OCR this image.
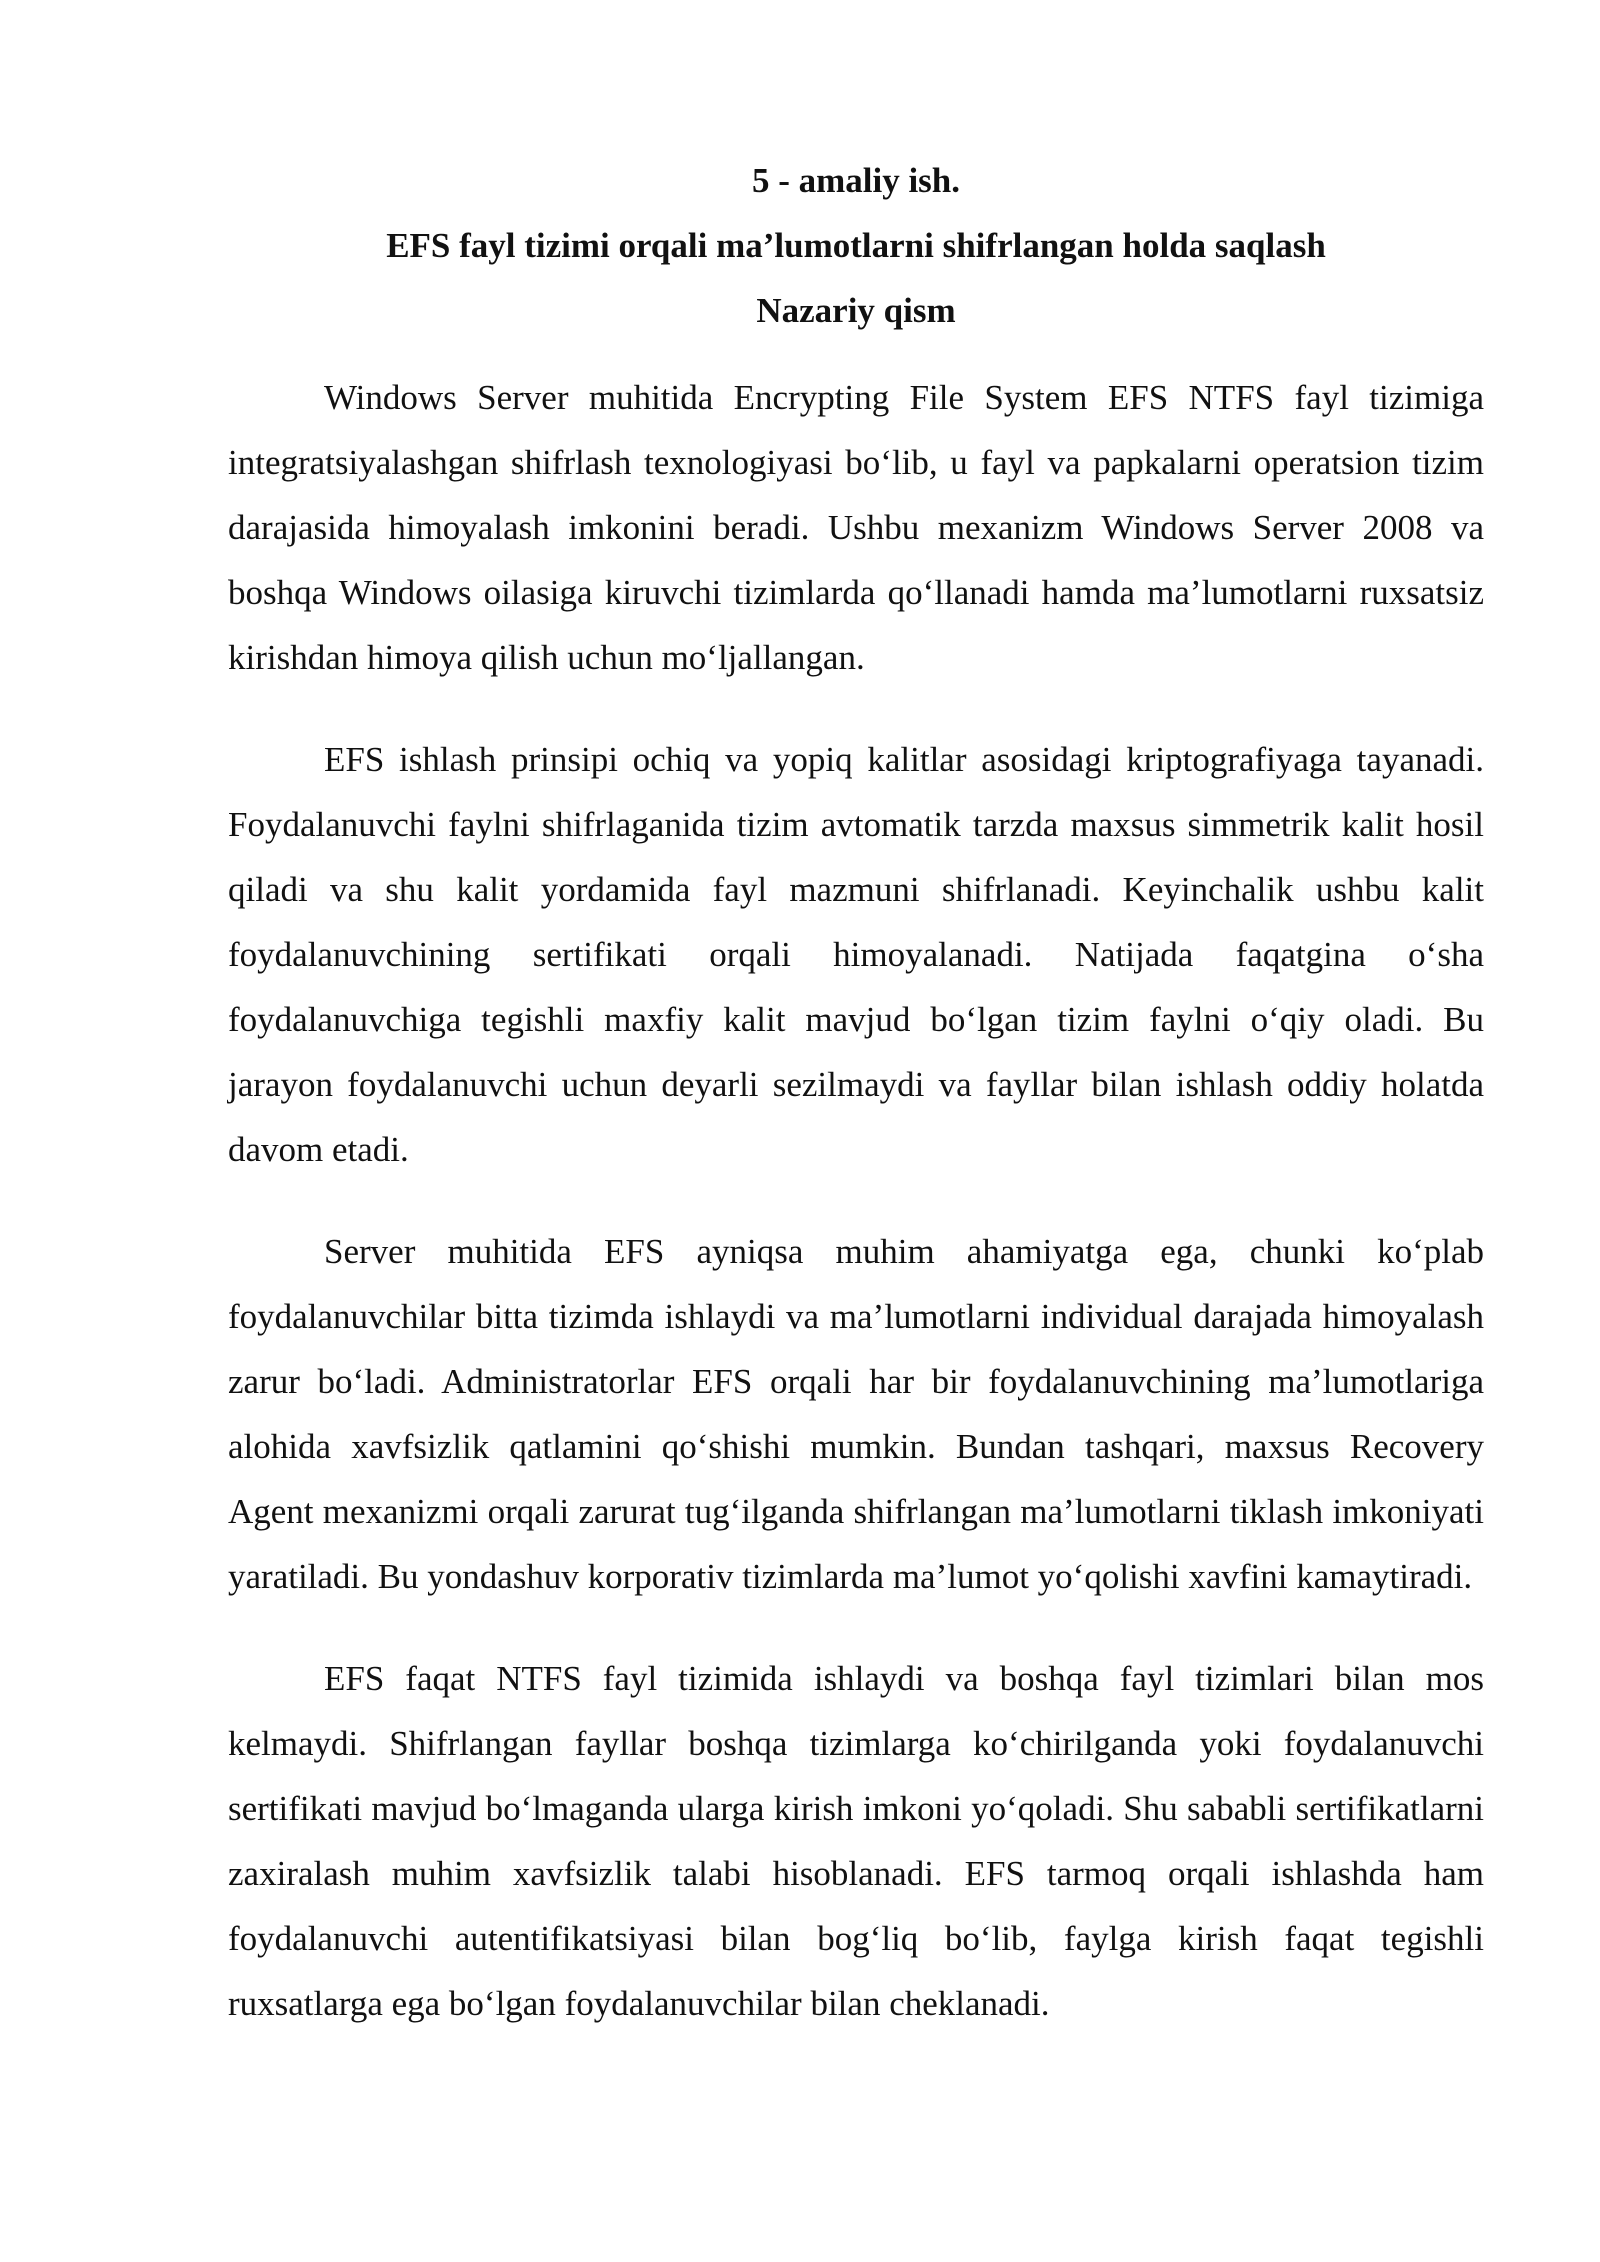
5 - amaliy ish.

EFS fayl tizimi orqali ma’lumotlarni shifrlangan holda saqlash

Nazariy qism

Windows Server muhitida Encrypting File System EFS NTFS fayl tizimiga integratsiyalashgan shifrlash texnologiyasi bo‘lib, u fayl va papkalarni operatsion tizim darajasida himoyalash imkonini beradi. Ushbu mexanizm Windows Server 2008 va boshqa Windows oilasiga kiruvchi tizimlarda qo‘llanadi hamda ma’lumotlarni ruxsatsiz kirishdan himoya qilish uchun mo‘ljallangan.

EFS ishlash prinsipi ochiq va yopiq kalitlar asosidagi kriptografiyaga tayanadi. Foydalanuvchi faylni shifrlaganida tizim avtomatik tarzda maxsus simmetrik kalit hosil qiladi va shu kalit yordamida fayl mazmuni shifrlanadi. Keyinchalik ushbu kalit foydalanuvchining sertifikati orqali himoyalanadi. Natijada faqatgina o‘sha foydalanuvchiga tegishli maxfiy kalit mavjud bo‘lgan tizim faylni o‘qiy oladi. Bu jarayon foydalanuvchi uchun deyarli sezilmaydi va fayllar bilan ishlash oddiy holatda davom etadi.

Server muhitida EFS ayniqsa muhim ahamiyatga ega, chunki ko‘plab foydalanuvchilar bitta tizimda ishlaydi va ma’lumotlarni individual darajada himoyalash zarur bo‘ladi. Administratorlar EFS orqali har bir foydalanuvchining ma’lumotlariga alohida xavfsizlik qatlamini qo‘shishi mumkin. Bundan tashqari, maxsus Recovery Agent mexanizmi orqali zarurat tug‘ilganda shifrlangan ma’lumotlarni tiklash imkoniyati yaratiladi. Bu yondashuv korporativ tizimlarda ma’lumot yo‘qolishi xavfini kamaytiradi.

EFS faqat NTFS fayl tizimida ishlaydi va boshqa fayl tizimlari bilan mos kelmaydi. Shifrlangan fayllar boshqa tizimlarga ko‘chirilganda yoki foydalanuvchi sertifikati mavjud bo‘lmaganda ularga kirish imkoni yo‘qoladi. Shu sababli sertifikatlarni zaxiralash muhim xavfsizlik talabi hisoblanadi. EFS tarmoq orqali ishlashda ham foydalanuvchi autentifikatsiyasi bilan bog‘liq bo‘lib, faylga kirish faqat tegishli ruxsatlarga ega bo‘lgan foydalanuvchilar bilan cheklanadi.
